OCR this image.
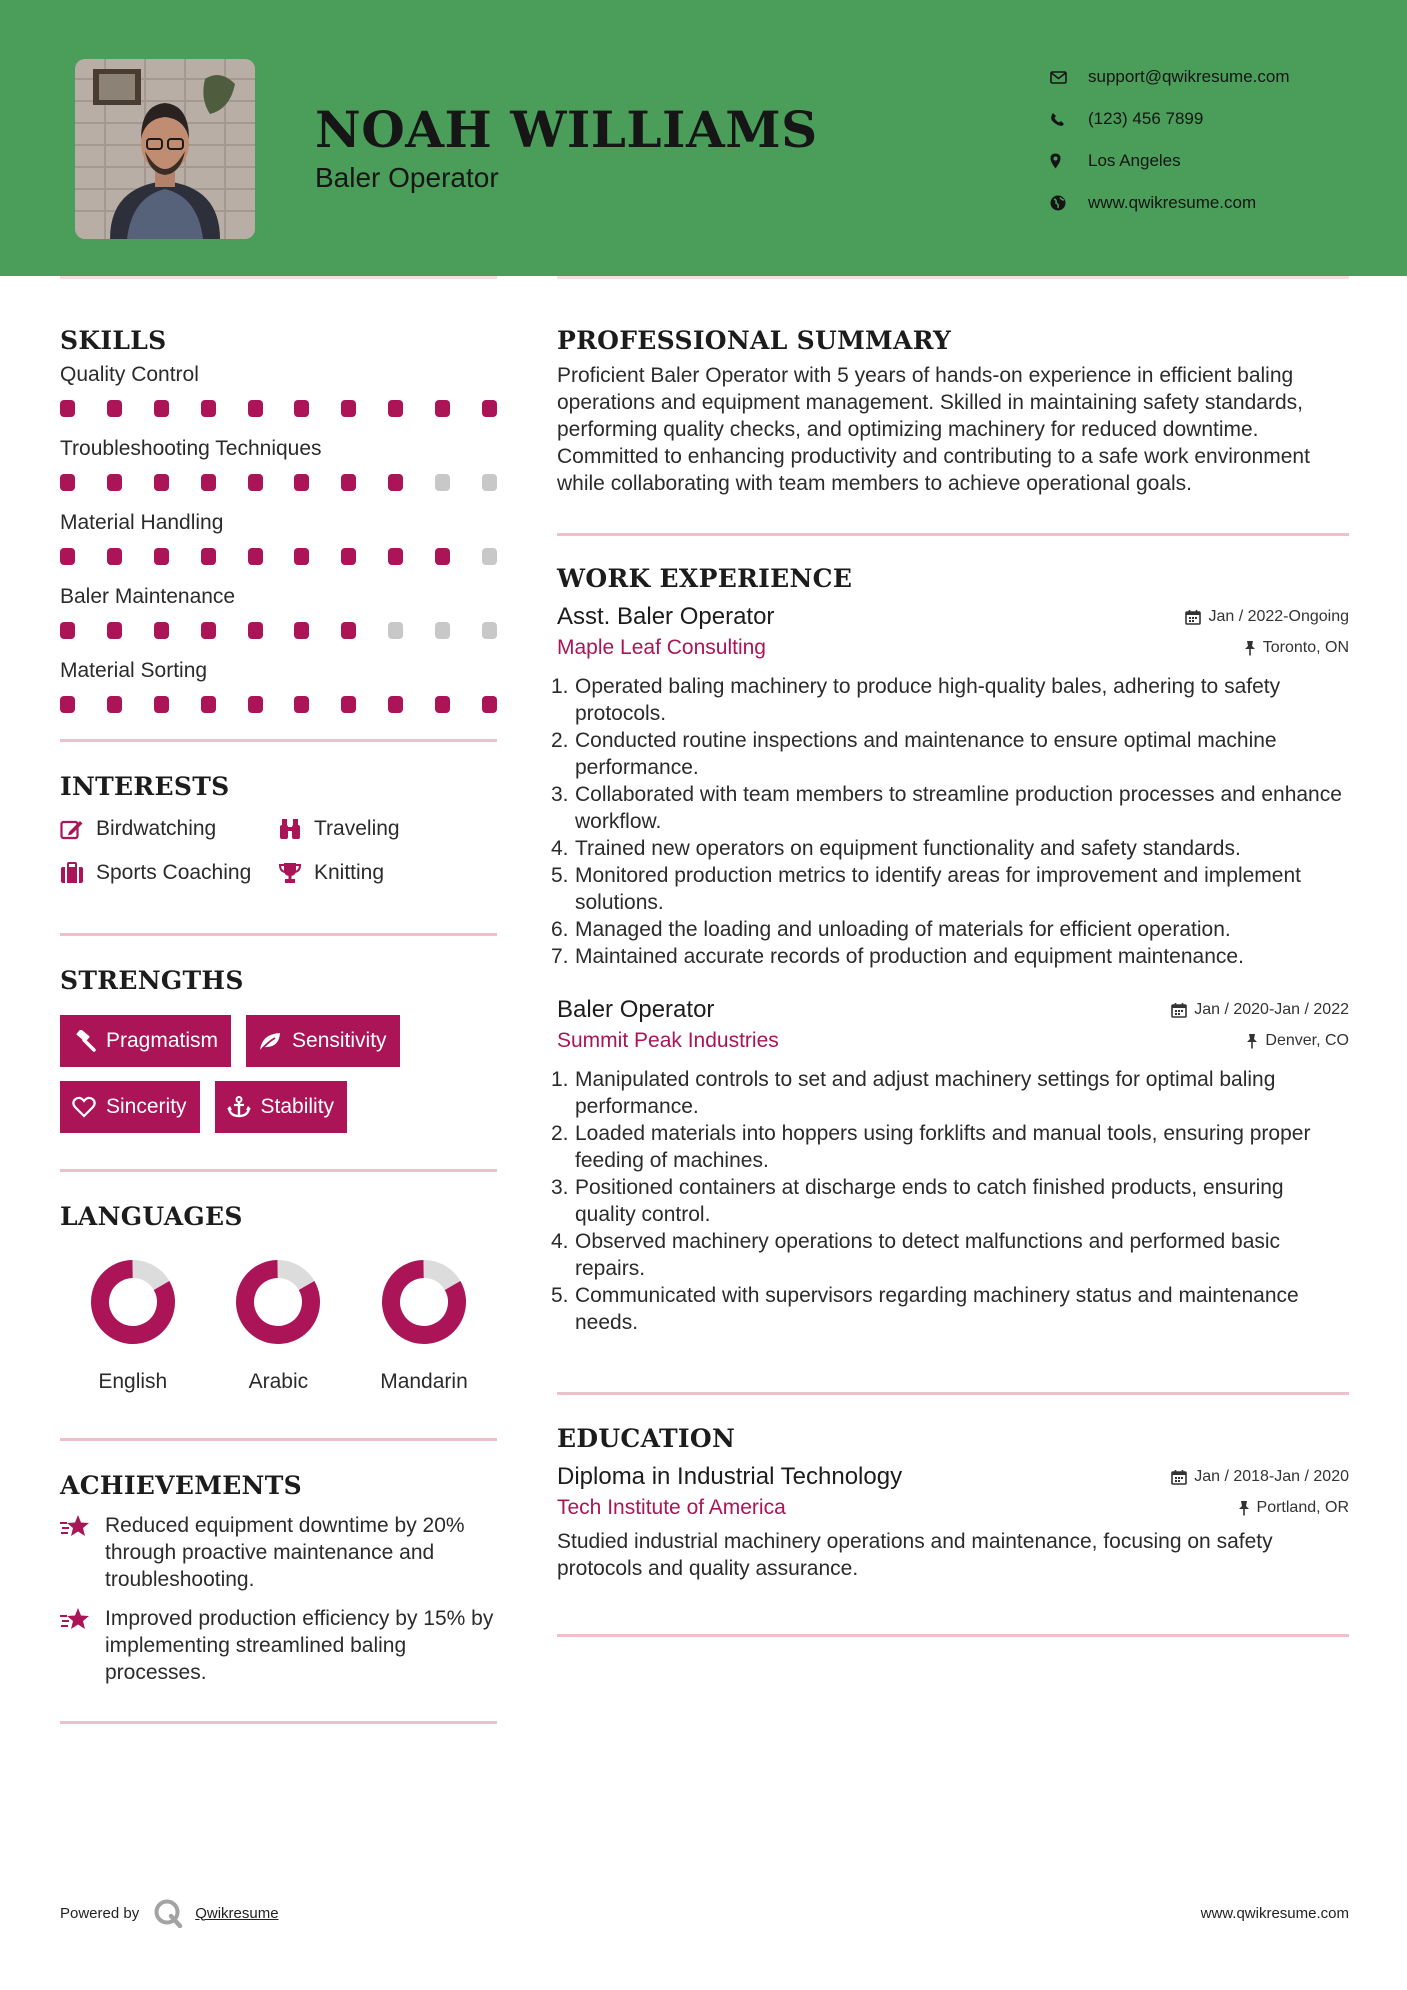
NOAH WILLIAMS
Baler Operator
support@qwikresume.com
(123) 456 7899
Los Angeles
www.qwikresume.com
SKILLS
Quality Control
Troubleshooting Techniques
Material Handling
Baler Maintenance
Material Sorting
INTERESTS
Birdwatching	Traveling
Sports Coaching	Knitting
STRENGTHS
Pragmatism	Sensitivity
Sincerity	Stability
LANGUAGES
English	Arabic	Mandarin
ACHIEVEMENTS
Reduced equipment downtime by 20% through proactive maintenance and troubleshooting.
Improved production efficiency by 15% by implementing streamlined baling processes.
PROFESSIONAL SUMMARY
Proficient Baler Operator with 5 years of hands-on experience in efficient baling operations and equipment management. Skilled in maintaining safety standards, performing quality checks, and optimizing machinery for reduced downtime. Committed to enhancing productivity and contributing to a safe work environment while collaborating with team members to achieve operational goals.
WORK EXPERIENCE
Asst. Baler Operator	Jan / 2022-Ongoing
Maple Leaf Consulting	Toronto, ON
1. Operated baling machinery to produce high-quality bales, adhering to safety protocols.
2. Conducted routine inspections and maintenance to ensure optimal machine performance.
3. Collaborated with team members to streamline production processes and enhance workflow.
4. Trained new operators on equipment functionality and safety standards.
5. Monitored production metrics to identify areas for improvement and implement solutions.
6. Managed the loading and unloading of materials for efficient operation.
7. Maintained accurate records of production and equipment maintenance.
Baler Operator	Jan / 2020-Jan / 2022
Summit Peak Industries	Denver, CO
1. Manipulated controls to set and adjust machinery settings for optimal baling performance.
2. Loaded materials into hoppers using forklifts and manual tools, ensuring proper feeding of machines.
3. Positioned containers at discharge ends to catch finished products, ensuring quality control.
4. Observed machinery operations to detect malfunctions and performed basic repairs.
5. Communicated with supervisors regarding machinery status and maintenance needs.
EDUCATION
Diploma in Industrial Technology	Jan / 2018-Jan / 2020
Tech Institute of America	Portland, OR
Studied industrial machinery operations and maintenance, focusing on safety protocols and quality assurance.
Powered by	Qwikresume	www.qwikresume.com
